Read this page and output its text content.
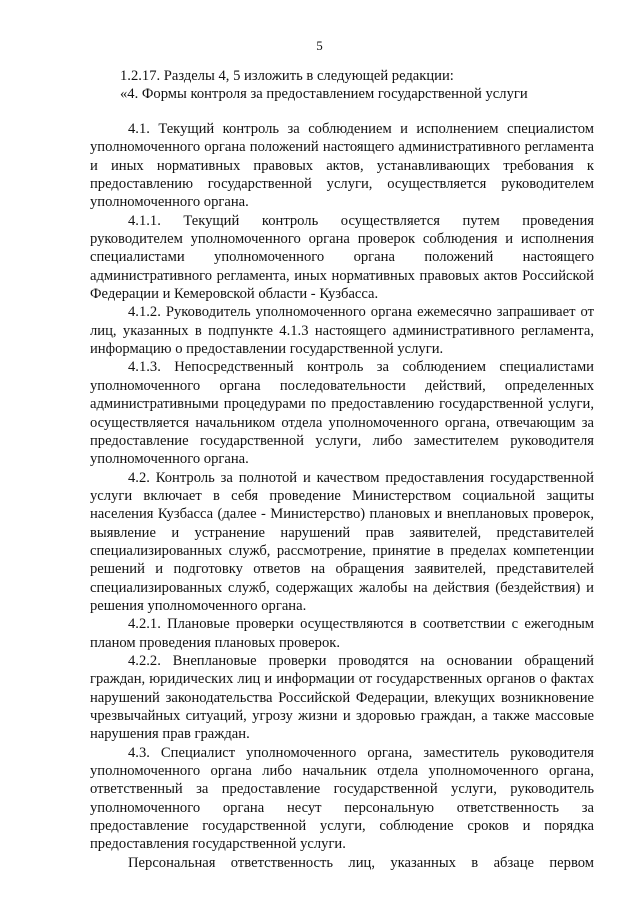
5
1.2.17. Разделы 4, 5 изложить в следующей редакции:
«4. Формы контроля за предоставлением государственной услуги

4.1. Текущий контроль за соблюдением и исполнением специалистом уполномоченного органа положений настоящего административного регламента и иных нормативных правовых актов, устанавливающих требования к предоставлению государственной услуги, осуществляется руководителем уполномоченного органа.

4.1.1. Текущий контроль осуществляется путем проведения руководителем уполномоченного органа проверок соблюдения и исполнения специалистами уполномоченного органа положений настоящего административного регламента, иных нормативных правовых актов Российской Федерации и Кемеровской области - Кузбасса.

4.1.2. Руководитель уполномоченного органа ежемесячно запрашивает от лиц, указанных в подпункте 4.1.3 настоящего административного регламента, информацию о предоставлении государственной услуги.

4.1.3. Непосредственный контроль за соблюдением специалистами уполномоченного органа последовательности действий, определенных административными процедурами по предоставлению государственной услуги, осуществляется начальником отдела уполномоченного органа, отвечающим за предоставление государственной услуги, либо заместителем руководителя уполномоченного органа.

4.2. Контроль за полнотой и качеством предоставления государственной услуги включает в себя проведение Министерством социальной защиты населения Кузбасса (далее - Министерство) плановых и внеплановых проверок, выявление и устранение нарушений прав заявителей, представителей специализированных служб, рассмотрение, принятие в пределах компетенции решений и подготовку ответов на обращения заявителей, представителей специализированных служб, содержащих жалобы на действия (бездействия) и решения уполномоченного органа.

4.2.1. Плановые проверки осуществляются в соответствии с ежегодным планом проведения плановых проверок.

4.2.2. Внеплановые проверки проводятся на основании обращений граждан, юридических лиц и информации от государственных органов о фактах нарушений законодательства Российской Федерации, влекущих возникновение чрезвычайных ситуаций, угрозу жизни и здоровью граждан, а также массовые нарушения прав граждан.

4.3. Специалист уполномоченного органа, заместитель руководителя уполномоченного органа либо начальник отдела уполномоченного органа, ответственный за предоставление государственной услуги, руководитель уполномоченного органа несут персональную ответственность за предоставление государственной услуги, соблюдение сроков и порядка предоставления государственной услуги.

Персональная ответственность лиц, указанных в абзаце первом
